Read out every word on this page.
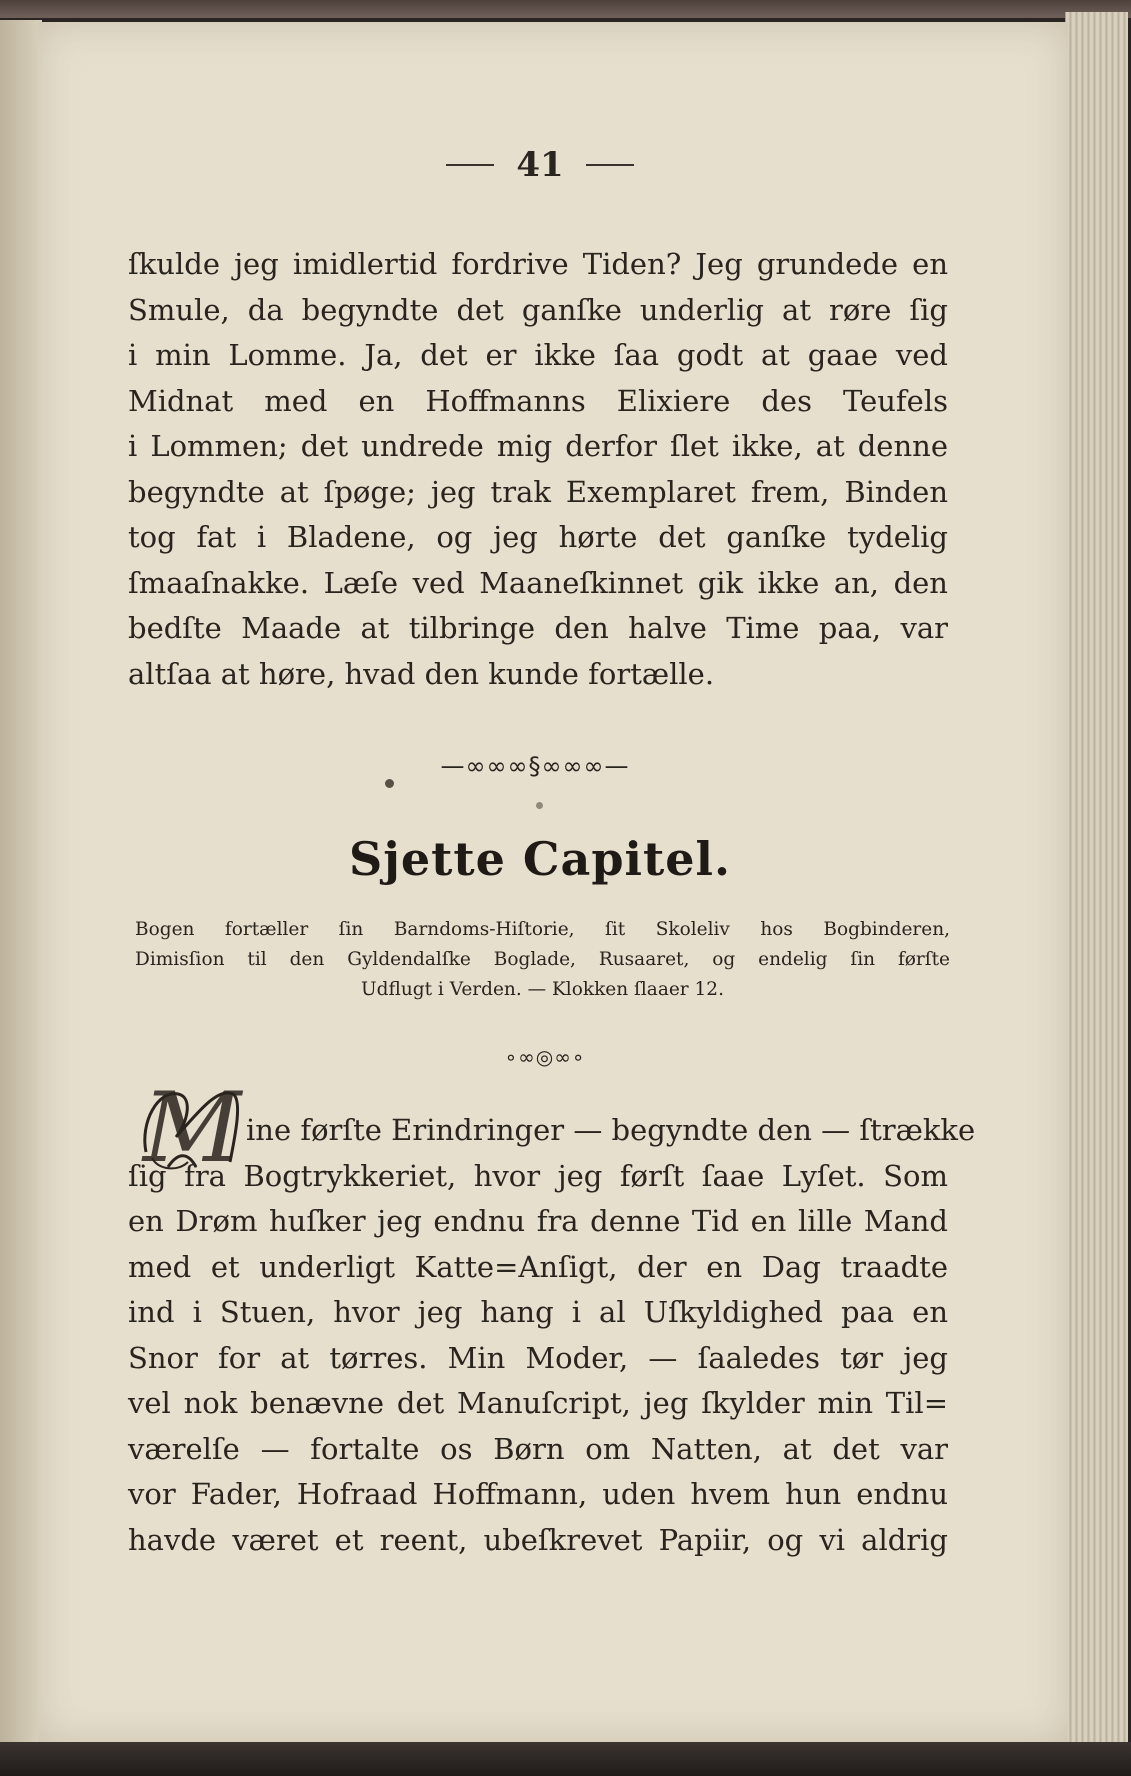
41

ſkulde jeg imidlertid fordrive Tiden? Jeg grundede en
Smule, da begyndte det ganſke underlig at røre ſig
i min Lomme. Ja, det er ikke ſaa godt at gaae ved
Midnat med en Hoffmanns Elixiere des Teufels
i Lommen; det undrede mig derfor ſlet ikke, at denne
begyndte at ſpøge; jeg trak Exemplaret frem, Binden
tog fat i Bladene, og jeg hørte det ganſke tydelig
ſmaaſnakke. Læſe ved Maaneſkinnet gik ikke an, den
bedſte Maade at tilbringe den halve Time paa, var
altſaa at høre, hvad den kunde fortælle.

—∞∞∞§∞∞∞—
Sjette Capitel.

Bogen fortæller ſin Barndoms-Hiſtorie, ſit Skoleliv hos Bogbinderen,
Dimisſion til den Gyldendalſke Boglade, Rusaaret, og endelig ſin førſte
Udflugt i Verden. — Klokken ſlaaer 12.

∘∞◎∞∘
M ine førſte Erindringer — begyndte den — ſtrække
ſig fra Bogtrykkeriet, hvor jeg førſt ſaae Lyſet. Som
en Drøm huſker jeg endnu fra denne Tid en lille Mand
med et underligt Katte=Anſigt, der en Dag traadte
ind i Stuen, hvor jeg hang i al Uſkyldighed paa en
Snor for at tørres. Min Moder, — ſaaledes tør jeg
vel nok benævne det Manuſcript, jeg ſkylder min Til=
værelſe — fortalte os Børn om Natten, at det var
vor Fader, Hofraad Hoffmann, uden hvem hun endnu
havde været et reent, ubeſkrevet Papiir, og vi aldrig
